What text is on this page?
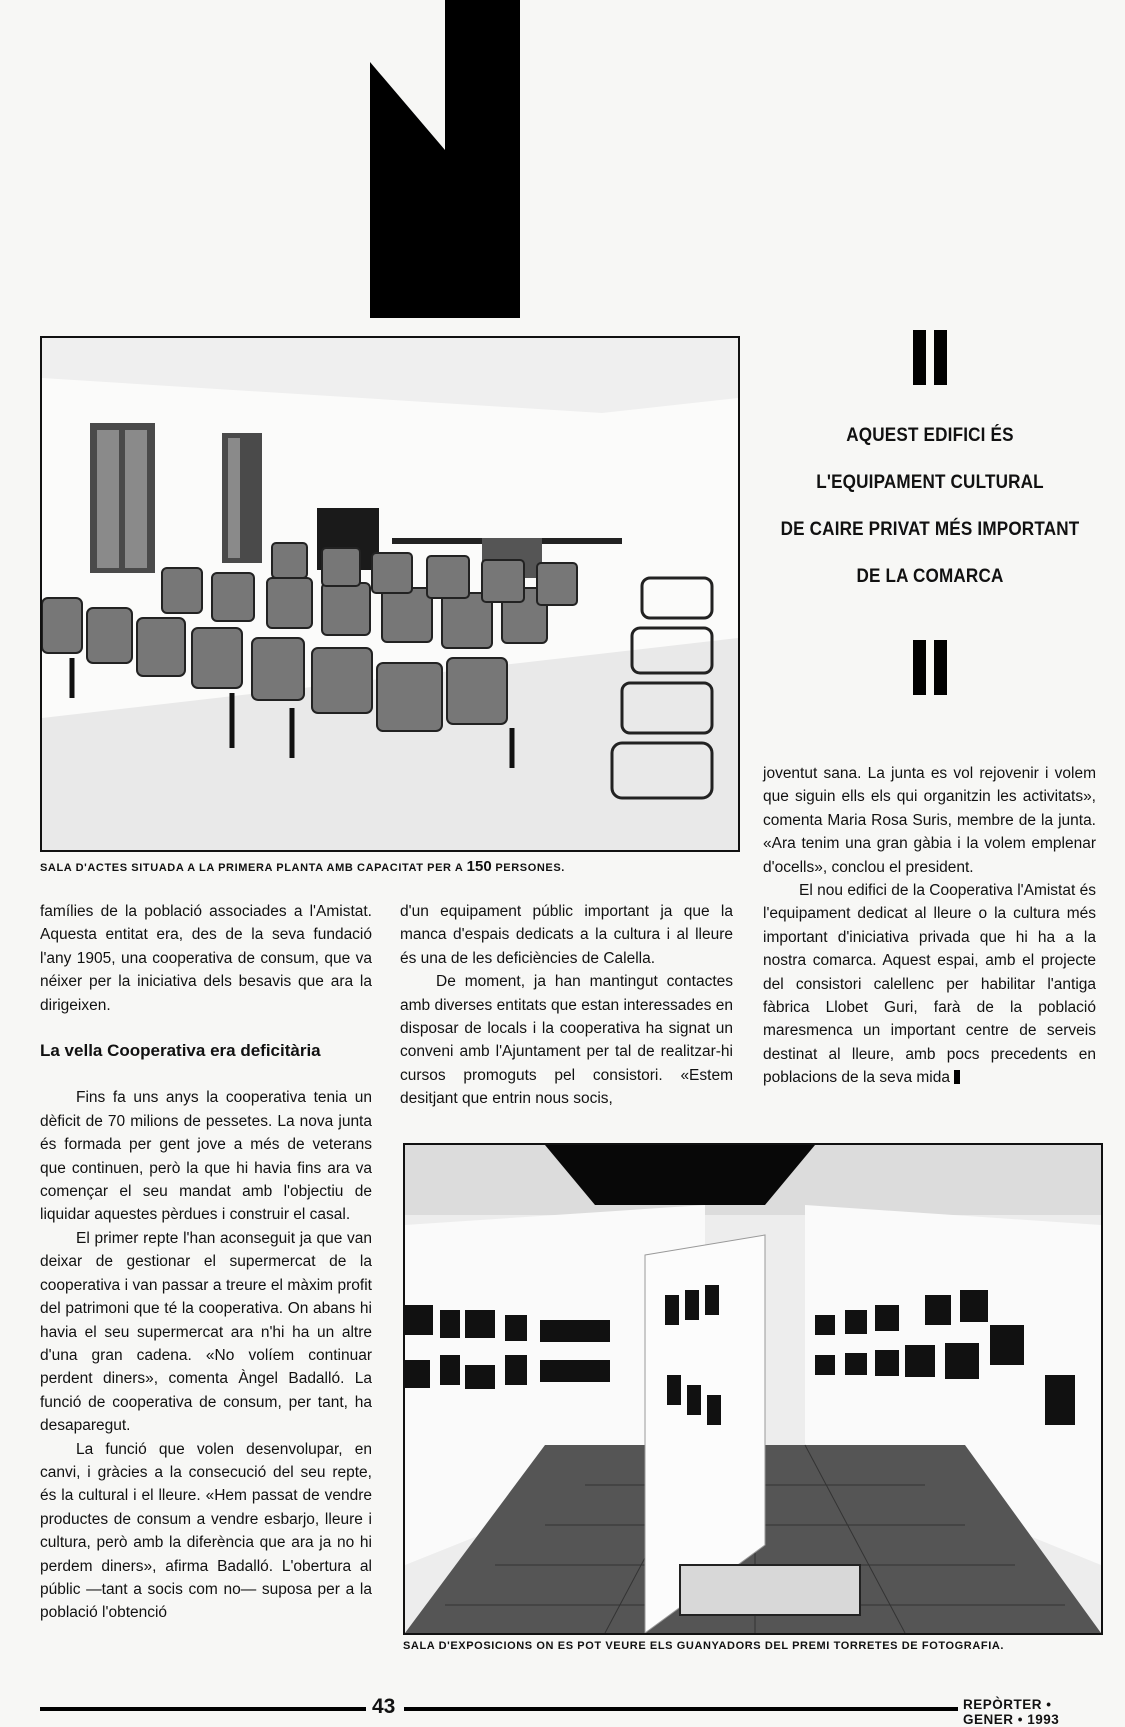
SALA D'ACTES SITUADA A LA PRIMERA PLANTA AMB CAPACITAT PER A 150 PERSONES.
AQUEST EDIFICI ÉS
L'EQUIPAMENT CULTURAL
DE CAIRE PRIVAT MÉS IMPORTANT
DE LA COMARCA

famílies de la població associades a l'Amistat. Aquesta entitat era, des de la seva fundació l'any 1905, una cooperativa de consum, que va néixer per la iniciativa dels besavis que ara la dirigeixen.

La vella Cooperativa era deficitària

Fins fa uns anys la cooperativa tenia un dèficit de 70 milions de pessetes. La nova junta és formada per gent jove a més de veterans que continuen, però la que hi havia fins ara va començar el seu mandat amb l'objectiu de liquidar aquestes pèrdues i construir el casal.

El primer repte l'han aconseguit ja que van deixar de gestionar el supermercat de la cooperativa i van passar a treure el màxim profit del patrimoni que té la cooperativa. On abans hi havia el seu supermercat ara n'hi ha un altre d'una gran cadena. «No volíem continuar perdent diners», comenta Àngel Badalló. La funció de cooperativa de consum, per tant, ha desaparegut.

La funció que volen desenvolupar, en canvi, i gràcies a la consecució del seu repte, és la cultural i el lleure. «Hem passat de vendre productes de consum a vendre esbarjo, lleure i cultura, però amb la diferència que ara ja no hi perdem diners», afirma Badalló. L'obertura al públic —tant a socis com no— suposa per a la població l'obtenció

d'un equipament públic important ja que la manca d'espais dedicats a la cultura i al lleure és una de les deficiències de Calella.

De moment, ja han mantingut contactes amb diverses entitats que estan interessades en disposar de locals i la cooperativa ha signat un conveni amb l'Ajuntament per tal de realitzar-hi cursos promoguts pel consistori. «Estem desitjant que entrin nous socis,

joventut sana. La junta es vol rejovenir i volem que siguin ells els qui organitzin les activitats», comenta Maria Rosa Suris, membre de la junta. «Ara tenim una gran gàbia i la volem emplenar d'ocells», conclou el president.

El nou edifici de la Cooperativa l'Amistat és l'equipament dedicat al lleure o la cultura més important d'iniciativa privada que hi ha a la nostra comarca. Aquest espai, amb el projecte del consistori calellenc per habilitar l'antiga fàbrica Llobet Guri, farà de la població maresmenca un important centre de serveis destinat al lleure, amb pocs precedents en poblacions de la seva mida

SALA D'EXPOSICIONS ON ES POT VEURE ELS GUANYADORS DEL PREMI TORRETES DE FOTOGRAFIA.
43	REPÒRTER • GENER • 1993
